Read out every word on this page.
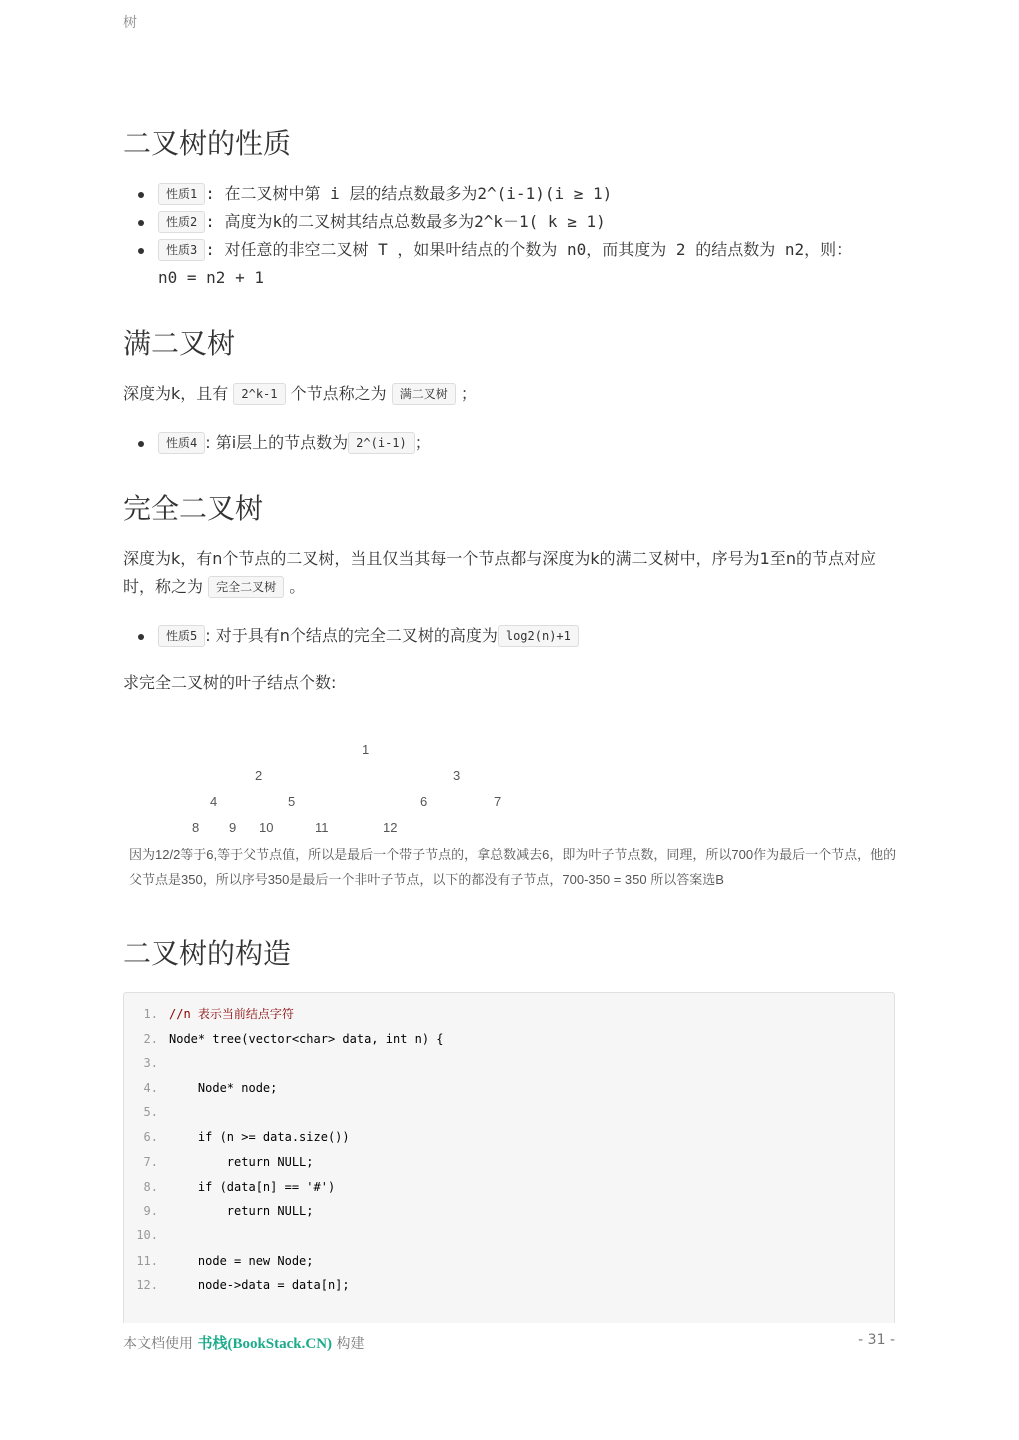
树
二叉树的性质
性质1 : 在二叉树中第 i 层的结点数最多为2^(i-1)(i ≥ 1)
性质2 : 高度为k的二叉树其结点总数最多为2^k－1( k ≥ 1)
性质3 : 对任意的非空二叉树 T ，如果叶结点的个数为 n0，而其度为 2 的结点数为 n2，则：n0 = n2 + 1
满二叉树

深度为k，且有 2^k-1 个节点称之为 满二叉树 ；

性质4 : 第i层上的节点数为 2^(i-1) ；
完全二叉树

深度为k，有n个节点的二叉树，当且仅当其每一个节点都与深度为k的满二叉树中，序号为1至n的节点对应时，称之为 完全二叉树 。

性质5 : 对于具有n个结点的完全二叉树的高度为 log2(n)+1

求完全二叉树的叶子结点个数:

1
2	3
4	5	6	7
8 9 10	11	12
因为12/2等于6,等于父节点值，所以是最后一个带子节点的，拿总数减去6，即为叶子节点数，同理，所以700作为最后一个节点，他的父节点是350，所以序号350是最后一个非叶子节点，以下的都没有子节点，700-350 = 350 所以答案选B
二叉树的构造
1. //n 表示当前结点字符
2. Node* tree(vector<char> data, int n) {
3.
4. Node* node;
5.
6. if (n >= data.size())
7. return NULL;
8. if (data[n] == '#')
9. return NULL;
10.
11. node = new Node;
12. node->data = data[n];
本文档使用 书栈(BookStack.CN) 构建	- 31 -
